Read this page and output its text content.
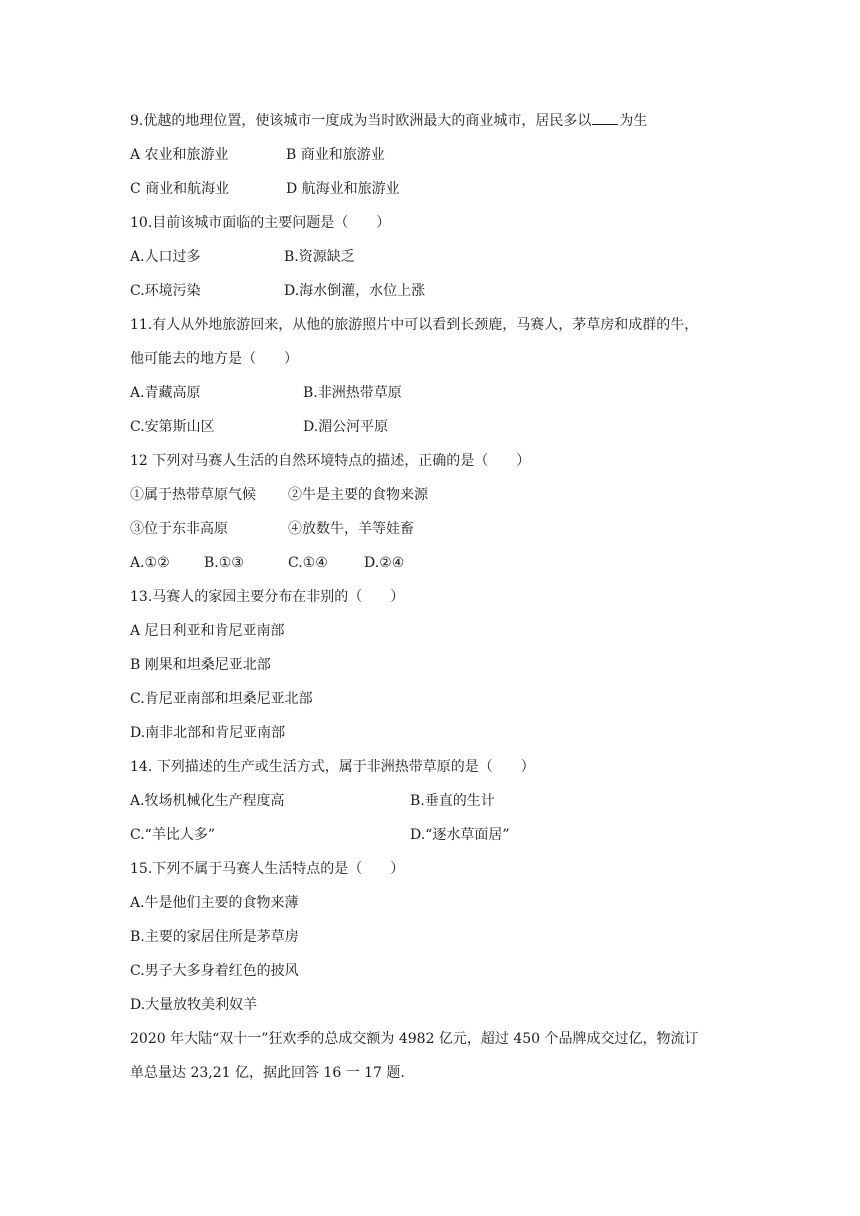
9.优越的地理位置，使该城市一度成为当时欧洲最大的商业城市，居民多以 为生
A 农业和旅游业	B 商业和旅游业
C 商业和航海业	D 航海业和旅游业
10.目前该城市面临的主要问题是（　　）
A.人口过多	B.资源缺乏
C.环境污染	D.海水倒灌，水位上涨
11.有人从外地旅游回来，从他的旅游照片中可以看到长颈鹿，马赛人，茅草房和成群的牛，
他可能去的地方是（　　）
A.青藏高原	B.非洲热带草原
C.安第斯山区	D.湄公河平原
12 下列对马赛人生活的自然环境特点的描述，正确的是（　　）
①属于热带草原气候	②牛是主要的食物来源
③位于东非高原	④放数牛，羊等娃畜
A.①②	B.①③	C.①④	D.②④
13.马赛人的家园主要分布在非别的（　　）
A 尼日利亚和肯尼亚南部
B 刚果和坦桑尼亚北部
C.肯尼亚南部和坦桑尼亚北部
D.南非北部和肯尼亚南部
14. 下列描述的生产或生活方式，属于非洲热带草原的是（　　）
A.牧场机械化生产程度高	B.垂直的生计
C.“羊比人多”	D.“逐水草面居”
15.下列不属于马赛人生活特点的是（　　）
A.牛是他们主要的食物来薄
B.主要的家居住所是茅草房
C.男子大多身着红色的披风
D.大量放牧美利奴羊
2020 年大陆“双十一”狂欢季的总成交额为 4982 亿元，超过 450 个品牌成交过亿，物流订
单总量达 23,21 亿，据此回答 16 一 17 题.
